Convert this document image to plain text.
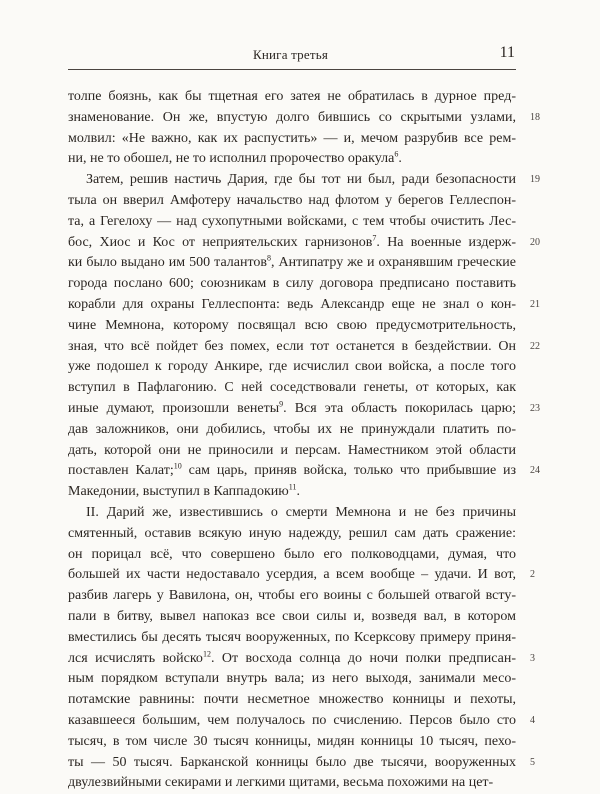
Книга третья	11
толпе боязнь, как бы тщетная его затея не обратилась в дурное пред-
знаменование. Он же, впустую долго бившись со скрытыми узлами, 18
молвил: «Не важно, как их распустить» — и, мечом разрубив все рем-
ни, не то обошел, не то исполнил пророчество оракула$^6$.
Затем, решив настичь Дария, где бы тот ни был, ради безопасности 19
тыла он вверил Амфотеру начальство над флотом у берегов Геллеспон-
та, а Гегелоху — над сухопутными войсками, с тем чтобы очистить Лес-
бос, Хиос и Кос от неприятельских гарнизонов$^7$. На военные издерж- 20
ки было выдано им 500 талантов$^8$, Антипатру же и охранявшим греческие
города послано 600; союзникам в силу договора предписано поставить
корабли для охраны Геллеспонта: ведь Александр еще не знал о кон- 21
чине Мемнона, которому посвящал всю свою предусмотрительность,
зная, что всё пойдет без помех, если тот останется в бездействии. Он 22
уже подошел к городу Анкире, где исчислил свои войска, а после того
вступил в Пафлагонию. С ней соседствовали генеты, от которых, как
иные думают, произошли венеты$^9$. Вся эта область покорилась царю; 23
дав заложников, они добились, чтобы их не принуждали платить по-
дать, которой они не приносили и персам. Наместником этой области
поставлен Калат;$^{10}$ сам царь, приняв войска, только что прибывшие из 24
Македонии, выступил в Каппадокию$^{11}$.
II. Дарий же, известившись о смерти Мемнона и не без причины
смятенный, оставив всякую иную надежду, решил сам дать сражение:
он порицал всё, что совершено было его полководцами, думая, что
большей их части недоставало усердия, а всем вообще – удачи. И вот, 2
разбив лагерь у Вавилона, он, чтобы его воины с большей отвагой всту-
пали в битву, вывел напоказ все свои силы и, возведя вал, в котором
вместились бы десять тысяч вооруженных, по Ксерксову примеру приня-
лся исчислять войско$^{12}$. От восхода солнца до ночи полки предписан- 3
ным порядком вступали внутрь вала; из него выходя, занимали месо-
потамские равнины: почти несметное множество конницы и пехоты,
казавшееся большим, чем получалось по счислению. Персов было сто 4
тысяч, в том числе 30 тысяч конницы, мидян конницы 10 тысяч, пехо-
ты — 50 тысяч. Барканской конницы было две тысячи, вооруженных 5
двулезвийными секирами и легкими щитами, весьма похожими на цет-
